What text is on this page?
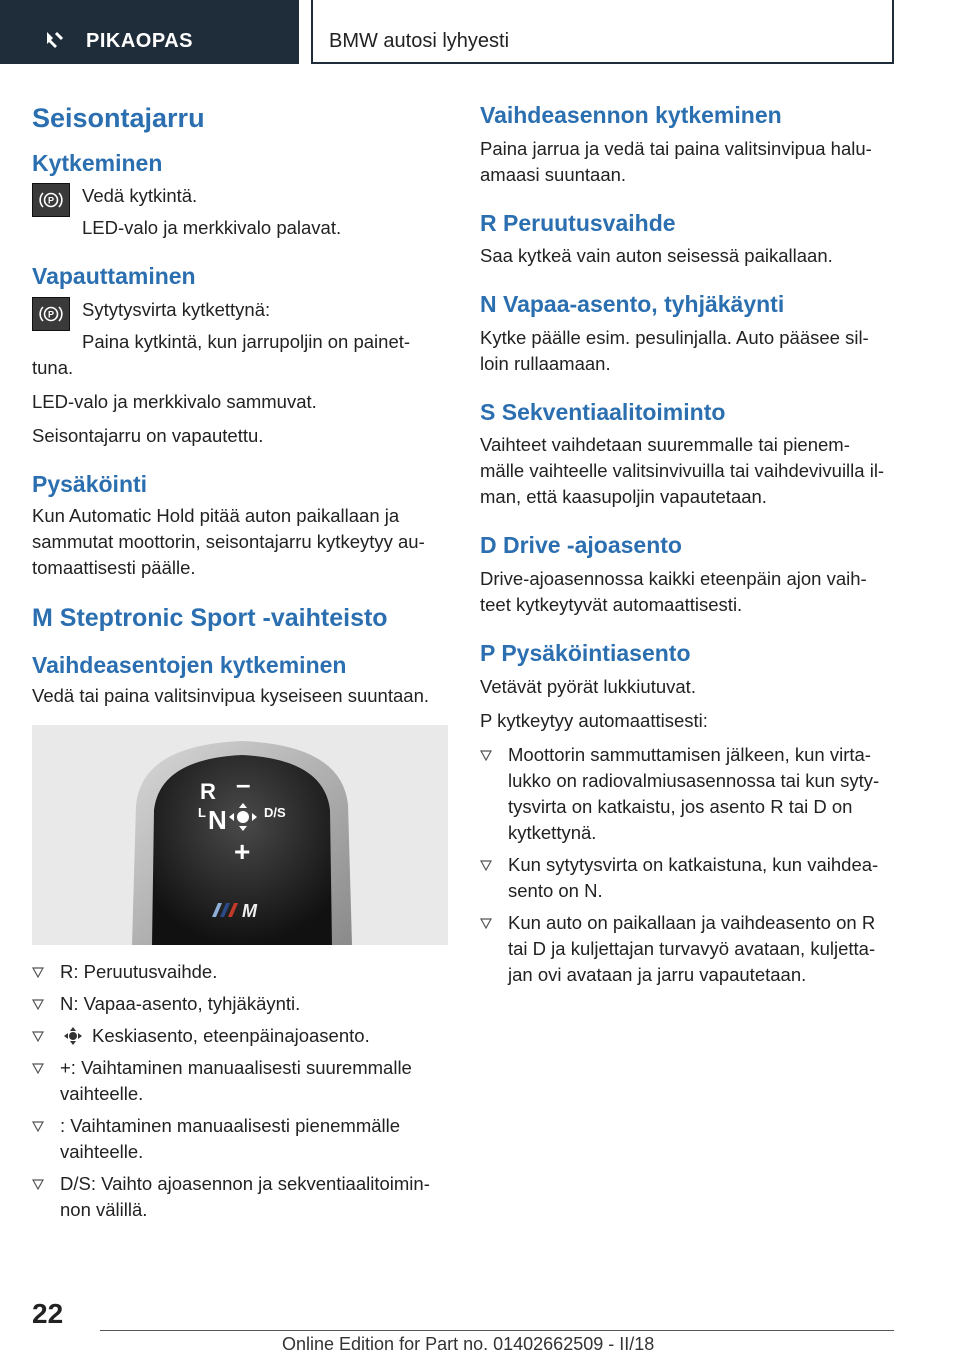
PIKAOPAS	BMW autosi lyhyesti
Seisontajarru
Kytkeminen
P Vedä kytkintä.

LED-valo ja merkkivalo palavat.

Vapauttaminen
P Sytytysvirta kytkettynä:

Paina kytkintä, kun jarrupoljin on painet‐

tuna.

LED-valo ja merkkivalo sammuvat.

Seisontajarru on vapautettu.

Pysäköinti

Kun Automatic Hold pitää auton paikallaan ja sammutat moottorin, seisontajarru kytkeytyy au‐ tomaattisesti päälle.

M Steptronic Sport -vaihteisto
Vaihdeasentojen kytkeminen

Vedä tai paina valitsinvipua kyseiseen suuntaan.

R –
L N	D/S
+
M
R: Peruutusvaihde.
N: Vapaa-asento, tyhjäkäynti.
Keskiasento, eteenpäinajoasento.
+: Vaihtaminen manuaalisesti suuremmalle vaihteelle.
: Vaihtaminen manuaalisesti pienemmälle vaihteelle.
D/S: Vaihto ajoasennon ja sekventiaalitoimin‐ non välillä.
Vaihdeasennon kytkeminen

Paina jarrua ja vedä tai paina valitsinvipua halu‐ amaasi suuntaan.

R Peruutusvaihde

Saa kytkeä vain auton seisessä paikallaan.

N Vapaa-asento, tyhjäkäynti

Kytke päälle esim. pesulinjalla. Auto pääsee sil‐ loin rullaamaan.

S Sekventiaalitoiminto

Vaihteet vaihdetaan suuremmalle tai pienem‐ mälle vaihteelle valitsinvivuilla tai vaihdevivuilla il‐ man, että kaasupoljin vapautetaan.

D Drive -ajoasento

Drive-ajoasennossa kaikki eteenpäin ajon vaih‐ teet kytkeytyvät automaattisesti.

P Pysäköintiasento

Vetävät pyörät lukkiutuvat.

P kytkeytyy automaattisesti:

Moottorin sammuttamisen jälkeen, kun virta‐ lukko on radiovalmiusasennossa tai kun syty‐ tysvirta on katkaistu, jos asento R tai D on kytkettynä.
Kun sytytysvirta on katkaistuna, kun vaihdea‐ sento on N.
Kun auto on paikallaan ja vaihdeasento on R tai D ja kuljettajan turvavyö avataan, kuljetta‐ jan ovi avataan ja jarru vapautetaan.
22
Online Edition for Part no. 01402662509 - II/18
